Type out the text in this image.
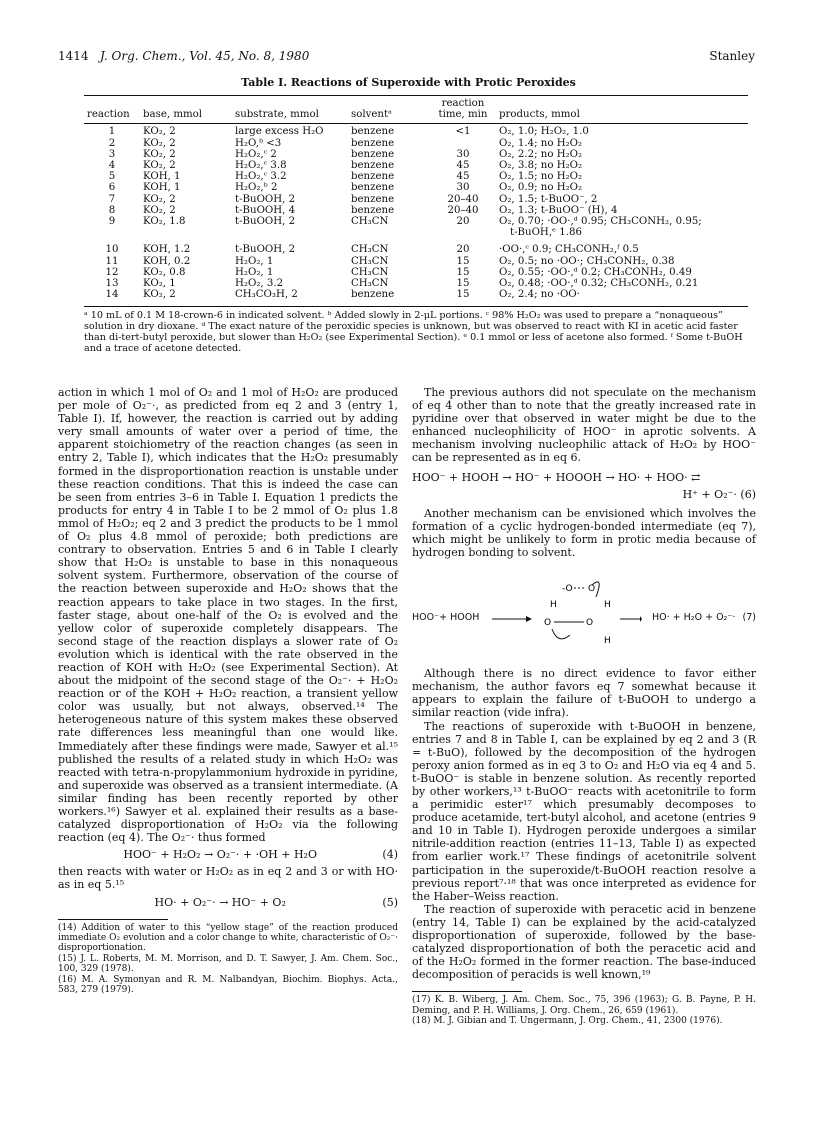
1414 J. Org. Chem., Vol. 45, No. 8, 1980	Stanley
Table I. Reactions of Superoxide with Protic Peroxides
reaction	base, mmol	substrate, mmol	solventᵃ	reaction time, min	products, mmol

1	KO₂, 2	large excess H₂O	benzene	<1	O₂, 1.0; H₂O₂, 1.0
2	KO₂, 2	H₂O,ᵇ <3	benzene		O₂, 1.4; no H₂O₂
3	KO₂, 2	H₂O₂,ᶜ 2	benzene	30	O₂, 2.2; no H₂O₂
4	KO₂, 2	H₂O₂,ᶜ 3.8	benzene	45	O₂, 3.8; no H₂O₂
5	KOH, 1	H₂O₂,ᶜ 3.2	benzene	45	O₂, 1.5; no H₂O₂
6	KOH, 1	H₂O₂,ᵇ 2	benzene	30	O₂, 0.9; no H₂O₂
7	KO₂, 2	t-BuOOH, 2	benzene	20–40	O₂, 1.5; t-BuOO⁻, 2
8	KO₂, 2	t-BuOOH, 4	benzene	20–40	O₂, 1.3; t-BuOO⁻ (H), 4
9	KO₂, 1.8	t-BuOOH, 2	CH₃CN	20	O₂, 0.70; ·OO·,ᵈ 0.95; CH₃CONH₂, 0.95;
					t-BuOH,ᵉ 1.86

10	KOH, 1.2	t-BuOOH, 2	CH₃CN	20	·OO·,ᶜ 0.9; CH₃CONH₂,ᶠ 0.5
11	KOH, 0.2	H₂O₂, 1	CH₃CN	15	O₂, 0.5; no ·OO·; CH₃CONH₂, 0.38
12	KO₂, 0.8	H₂O₂, 1	CH₃CN	15	O₂, 0.55; ·OO·,ᵈ 0.2; CH₃CONH₂, 0.49
13	KO₂, 1	H₂O₂, 3.2	CH₃CN	15	O₂, 0.48; ·OO·,ᵈ 0.32; CH₃CONH₂, 0.21
14	KO₂, 2	CH₃CO₃H, 2	benzene	15	O₂, 2.4; no ·OO·
ᵃ 10 mL of 0.1 M 18-crown-6 in indicated solvent. ᵇ Added slowly in 2-μL portions. ᶜ 98% H₂O₂ was used to prepare a “nonaqueous” solution in dry dioxane. ᵈ The exact nature of the peroxidic species is unknown, but was observed to react with KI in acetic acid faster than di-tert-butyl peroxide, but slower than H₂O₂ (see Experimental Section). ᵉ 0.1 mmol or less of acetone also formed. ᶠ Some t-BuOH and a trace of acetone detected.

action in which 1 mol of O₂ and 1 mol of H₂O₂ are produced per mole of O₂⁻·, as predicted from eq 2 and 3 (entry 1, Table I). If, however, the reaction is carried out by adding very small amounts of water over a period of time, the apparent stoichiometry of the reaction changes (as seen in entry 2, Table I), which indicates that the H₂O₂ presumably formed in the disproportionation reaction is unstable under these reaction conditions. That this is indeed the case can be seen from entries 3–6 in Table I. Equation 1 predicts the products for entry 4 in Table I to be 2 mmol of O₂ plus 1.8 mmol of H₂O₂; eq 2 and 3 predict the products to be 1 mmol of O₂ plus 4.8 mmol of peroxide; both predictions are contrary to observation. Entries 5 and 6 in Table I clearly show that H₂O₂ is unstable to base in this nonaqueous solvent system. Furthermore, observation of the course of the reaction between superoxide and H₂O₂ shows that the reaction appears to take place in two stages. In the first, faster stage, about one-half of the O₂ is evolved and the yellow color of superoxide completely disappears. The second stage of the reaction displays a slower rate of O₂ evolution which is identical with the rate observed in the reaction of KOH with H₂O₂ (see Experimental Section). At about the midpoint of the second stage of the O₂⁻· + H₂O₂ reaction or of the KOH + H₂O₂ reaction, a transient yellow color was usually, but not always, observed.¹⁴ The heterogeneous nature of this system makes these observed rate differences less meaningful than one would like. Immediately after these findings were made, Sawyer et al.¹⁵ published the results of a related study in which H₂O₂ was reacted with tetra-n-propylammonium hydroxide in pyridine, and superoxide was observed as a transient intermediate. (A similar finding has been recently reported by other workers.¹⁶) Sawyer et al. explained their results as a base-catalyzed disproportionation of H₂O₂ via the following reaction (eq 4). The O₂⁻· thus formed

HOO⁻ + H₂O₂ → O₂⁻· + ·OH + H₂O	(4)

then reacts with water or H₂O₂ as in eq 2 and 3 or with HO· as in eq 5.¹⁵

HO· + O₂⁻· → HO⁻ + O₂	(5)

(14) Addition of water to this “yellow stage” of the reaction produced immediate O₂ evolution and a color change to white, characteristic of O₂⁻· disproportionation.

(15) J. L. Roberts, M. M. Morrison, and D. T. Sawyer, J. Am. Chem. Soc., 100, 329 (1978).

(16) M. A. Symonyan and R. M. Nalbandyan, Biochim. Biophys. Acta., 583, 279 (1979).

The previous authors did not speculate on the mechanism of eq 4 other than to note that the greatly increased rate in pyridine over that observed in water might be due to the enhanced nucleophilicity of HOO⁻ in aprotic solvents. A mechanism involving nucleophilic attack of H₂O₂ by HOO⁻ can be represented as in eq 6.

HOO⁻ + HOOH → HO⁻ + HOOOH → HO· + HOO· ⇄
H⁺ + O₂⁻· (6)

Another mechanism can be envisioned which involves the formation of a cyclic hydrogen-bonded intermediate (eq 7), which might be unlikely to form in protic media because of hydrogen bonding to solvent.

HOO⁻+ HOOH
-O O
H	H
O	O
H
HO· + H₂O + O₂⁻· (7)

Although there is no direct evidence to favor either mechanism, the author favors eq 7 somewhat because it appears to explain the failure of t-BuOOH to undergo a similar reaction (vide infra).

The reactions of superoxide with t-BuOOH in benzene, entries 7 and 8 in Table I, can be explained by eq 2 and 3 (R = t-BuO), followed by the decomposition of the hydrogen peroxy anion formed as in eq 3 to O₂ and H₂O via eq 4 and 5. t-BuOO⁻ is stable in benzene solution. As recently reported by other workers,¹³ t-BuOO⁻ reacts with acetonitrile to form a perimidic ester¹⁷ which presumably decomposes to produce acetamide, tert-butyl alcohol, and acetone (entries 9 and 10 in Table I). Hydrogen peroxide undergoes a similar nitrile-addition reaction (entries 11–13, Table I) as expected from earlier work.¹⁷ These findings of acetonitrile solvent participation in the superoxide/t-BuOOH reaction resolve a previous report⁷·¹⁸ that was once interpreted as evidence for the Haber–Weiss reaction.

The reaction of superoxide with peracetic acid in benzene (entry 14, Table I) can be explained by the acid-catalyzed disproportionation of superoxide, followed by the base-catalyzed disproportionation of both the peracetic acid and of the H₂O₂ formed in the former reaction. The base-induced decomposition of peracids is well known,¹⁹

(17) K. B. Wiberg, J. Am. Chem. Soc., 75, 396 (1963); G. B. Payne, P. H. Deming, and P. H. Williams, J. Org. Chem., 26, 659 (1961).

(18) M. J. Gibian and T. Ungermann, J. Org. Chem., 41, 2300 (1976).
